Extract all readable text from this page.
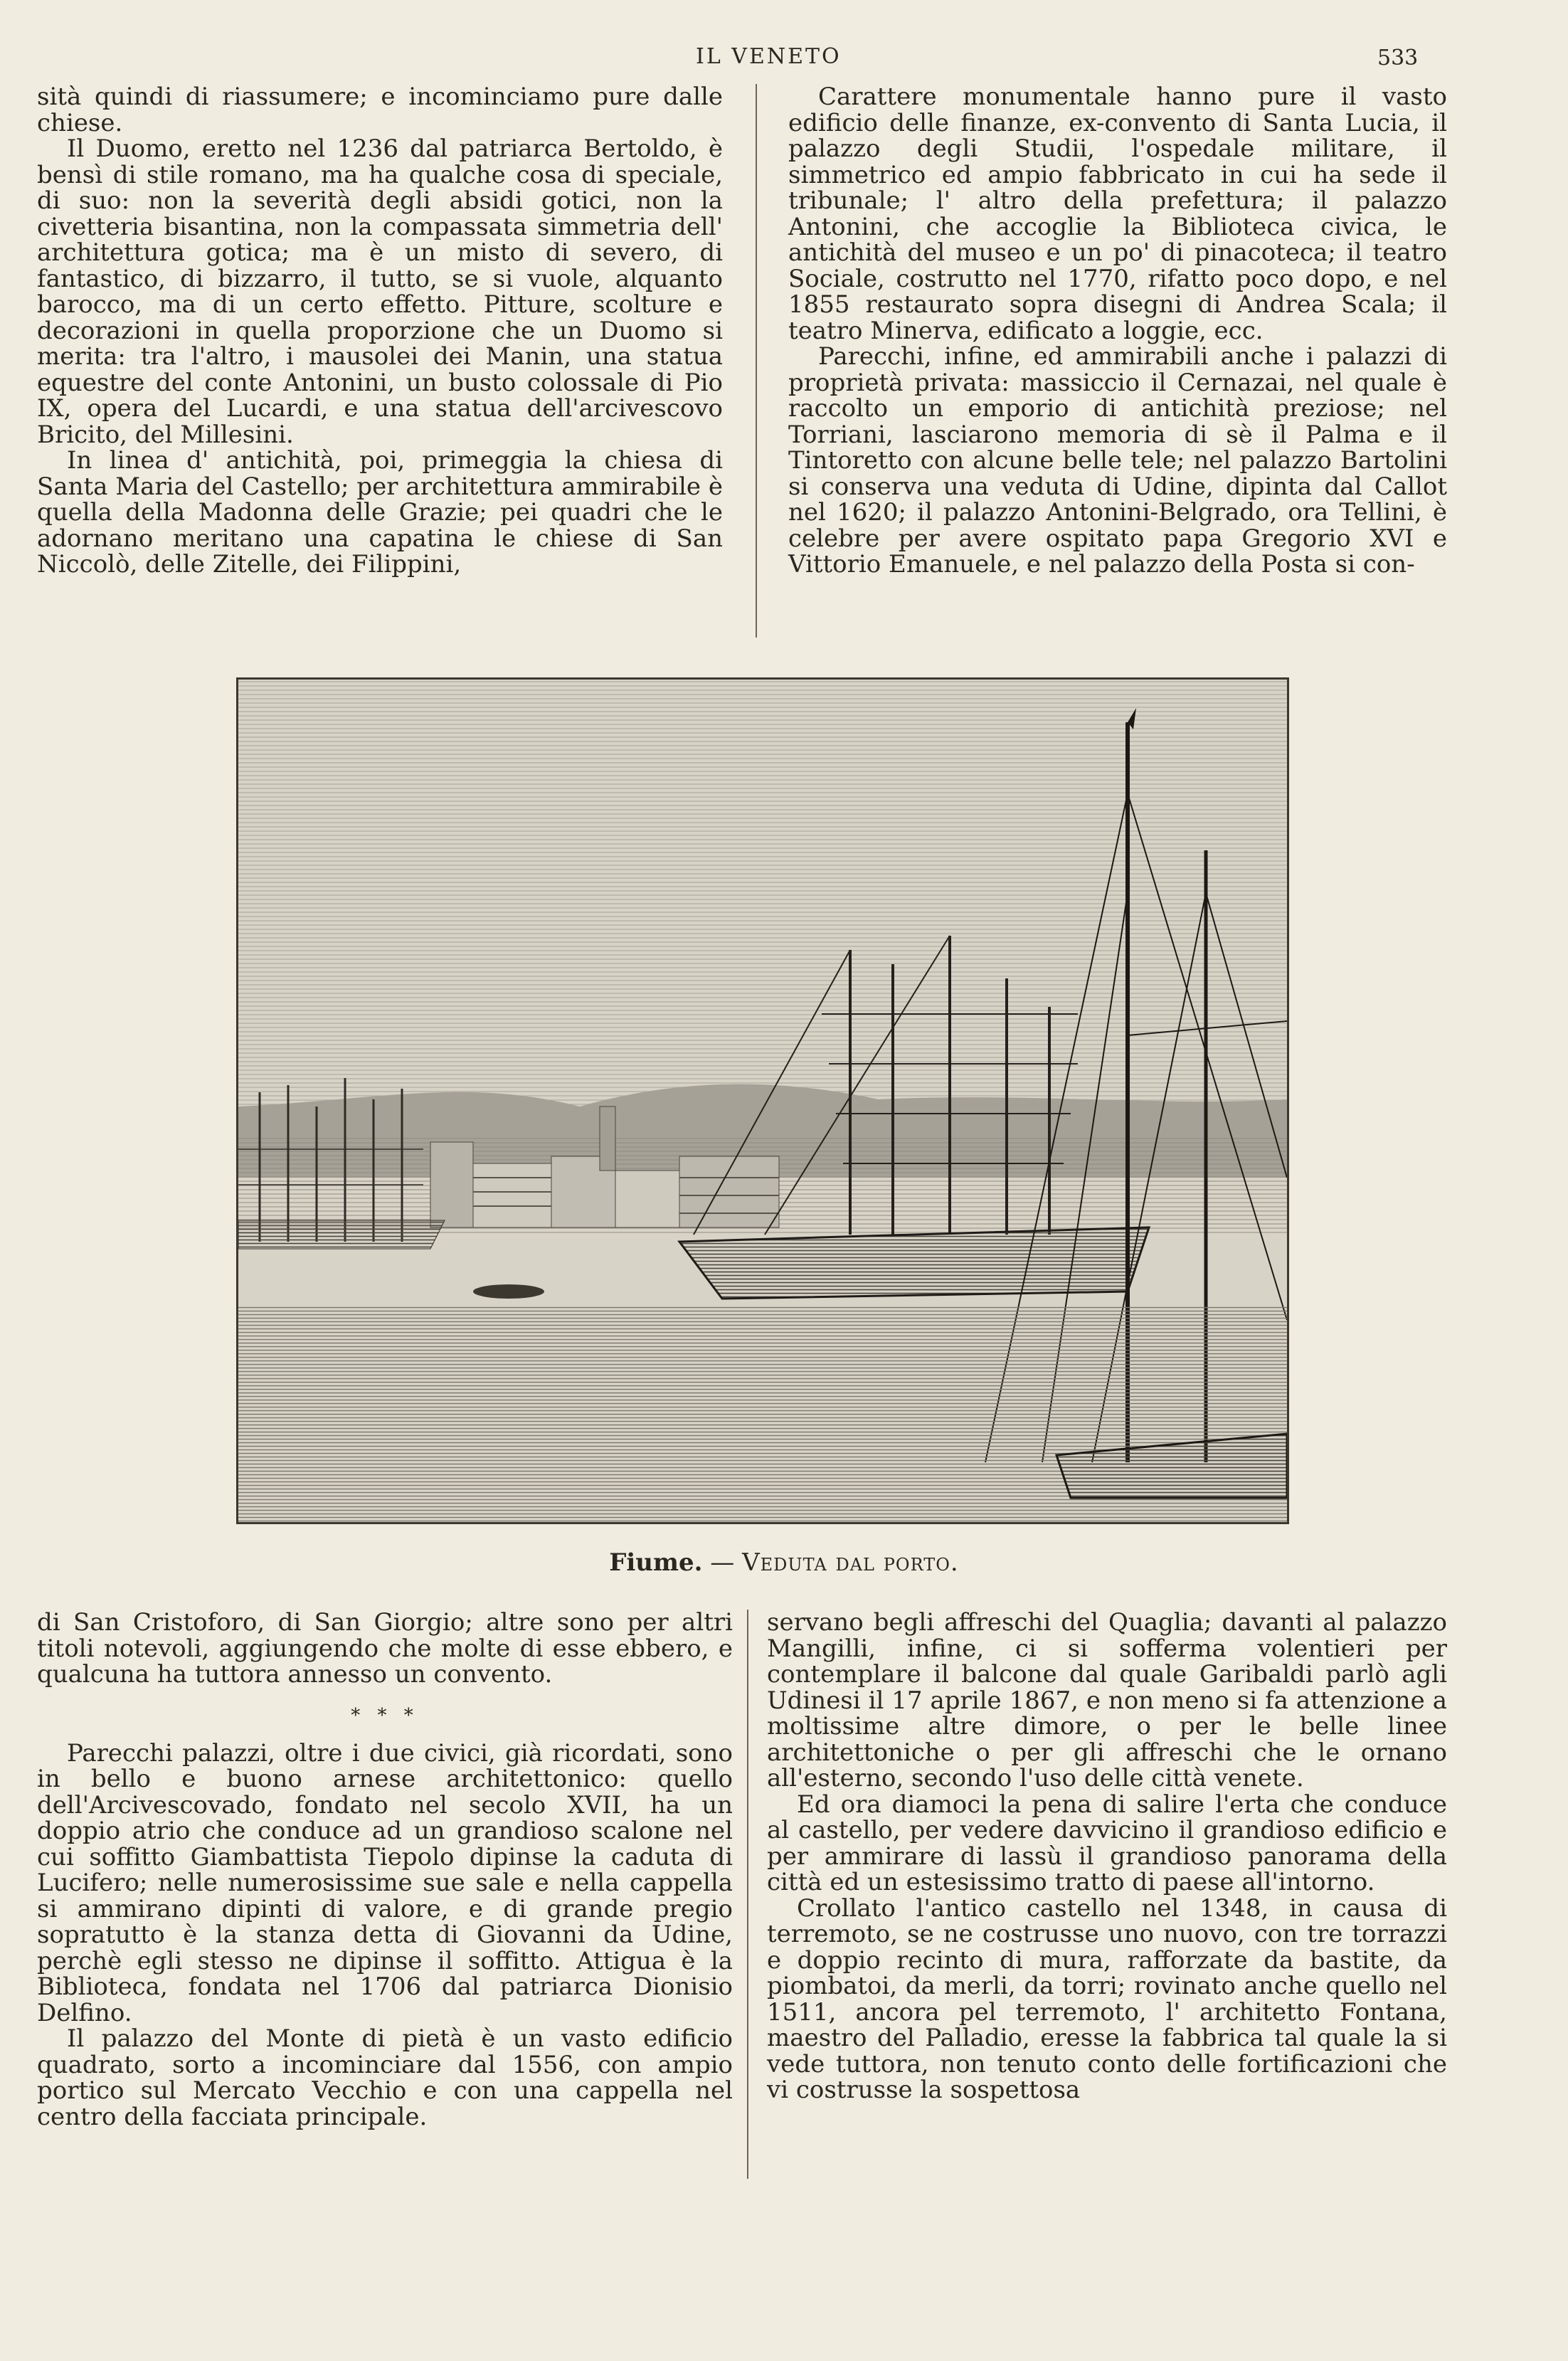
IL VENETO	533

sità quindi di riassumere; e incominciamo pure dalle chiese.

Il Duomo, eretto nel 1236 dal patriarca Bertoldo, è bensì di stile romano, ma ha qualche cosa di speciale, di suo: non la severità degli absidi gotici, non la civetteria bisantina, non la compassata simmetria dell' architettura gotica; ma è un misto di severo, di fantastico, di bizzarro, il tutto, se si vuole, alquanto barocco, ma di un certo effetto. Pitture, scolture e decorazioni in quella proporzione che un Duomo si merita: tra l'altro, i mausolei dei Manin, una statua equestre del conte Antonini, un busto colossale di Pio IX, opera del Lucardi, e una statua dell'arcivescovo Bricito, del Millesini.

In linea d' antichità, poi, primeggia la chiesa di Santa Maria del Castello; per architettura ammirabile è quella della Madonna delle Grazie; pei quadri che le adornano meritano una capatina le chiese di San Niccolò, delle Zitelle, dei Filippini,

Carattere monumentale hanno pure il vasto edificio delle finanze, ex-convento di Santa Lucia, il palazzo degli Studii, l'ospedale militare, il simmetrico ed ampio fabbricato in cui ha sede il tribunale; l' altro della prefettura; il palazzo Antonini, che accoglie la Biblioteca civica, le antichità del museo e un po' di pinacoteca; il teatro Sociale, costrutto nel 1770, rifatto poco dopo, e nel 1855 restaurato sopra disegni di Andrea Scala; il teatro Minerva, edificato a loggie, ecc.

Parecchi, infine, ed ammirabili anche i palazzi di proprietà privata: massiccio il Cernazai, nel quale è raccolto un emporio di antichità preziose; nel Torriani, lasciarono memoria di sè il Palma e il Tintoretto con alcune belle tele; nel palazzo Bartolini si conserva una veduta di Udine, dipinta dal Callot nel 1620; il palazzo Antonini-Belgrado, ora Tellini, è celebre per avere ospitato papa Gregorio XVI e Vittorio Emanuele, e nel palazzo della Posta si con-

Fiume. — Veduta dal porto.

di San Cristoforo, di San Giorgio; altre sono per altri titoli notevoli, aggiungendo che molte di esse ebbero, e qualcuna ha tuttora annesso un convento.

* * *

Parecchi palazzi, oltre i due civici, già ricordati, sono in bello e buono arnese architettonico: quello dell'Arcivescovado, fondato nel secolo XVII, ha un doppio atrio che conduce ad un grandioso scalone nel cui soffitto Giambattista Tiepolo dipinse la caduta di Lucifero; nelle numerosissime sue sale e nella cappella si ammirano dipinti di valore, e di grande pregio sopratutto è la stanza detta di Giovanni da Udine, perchè egli stesso ne dipinse il soffitto. Attigua è la Biblioteca, fondata nel 1706 dal patriarca Dionisio Delfino.

Il palazzo del Monte di pietà è un vasto edificio quadrato, sorto a incominciare dal 1556, con ampio portico sul Mercato Vecchio e con una cappella nel centro della facciata principale.

servano begli affreschi del Quaglia; davanti al palazzo Mangilli, infine, ci si sofferma volentieri per contemplare il balcone dal quale Garibaldi parlò agli Udinesi il 17 aprile 1867, e non meno si fa attenzione a moltissime altre dimore, o per le belle linee architettoniche o per gli affreschi che le ornano all'esterno, secondo l'uso delle città venete.

Ed ora diamoci la pena di salire l'erta che conduce al castello, per vedere davvicino il grandioso edificio e per ammirare di lassù il grandioso panorama della città ed un estesissimo tratto di paese all'intorno.

Crollato l'antico castello nel 1348, in causa di terremoto, se ne costrusse uno nuovo, con tre torrazzi e doppio recinto di mura, rafforzate da bastite, da piombatoi, da merli, da torri; rovinato anche quello nel 1511, ancora pel terremoto, l' architetto Fontana, maestro del Palladio, eresse la fabbrica tal quale la si vede tuttora, non tenuto conto delle fortificazioni che vi costrusse la sospettosa
